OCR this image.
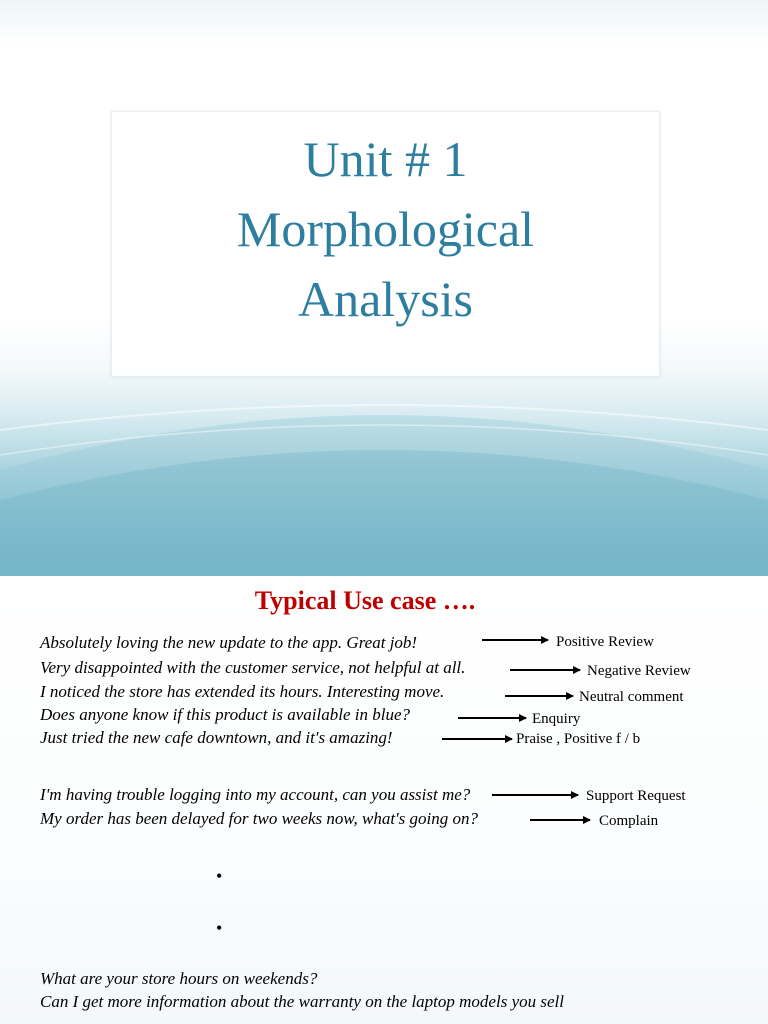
Unit # 1
Morphological
Analysis
Typical Use case ….
Absolutely loving the new update to the app. Great job!	Positive Review
Very disappointed with the customer service, not helpful at all.	Negative Review
I noticed the store has extended its hours. Interesting move.	Neutral comment
Does anyone know if this product is available in blue?	Enquiry
Just tried the new cafe downtown, and it's amazing!	Praise , Positive f / b
I'm having trouble logging into my account, can you assist me?	Support Request
My order has been delayed for two weeks now, what's going on?	Complain
•
•
What are your store hours on weekends?
Can I get more information about the warranty on the laptop models you sell
